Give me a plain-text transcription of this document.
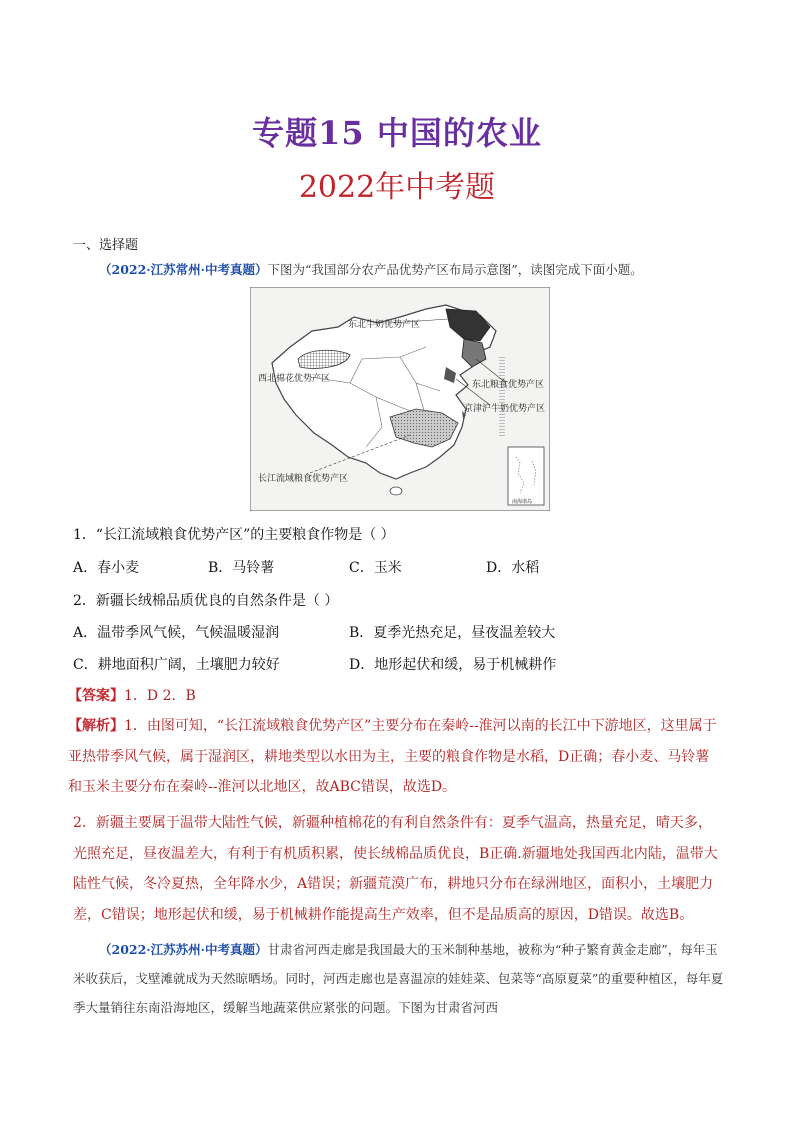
专题15 中国的农业
2022年中考题
一、选择题
（2022·江苏常州·中考真题）下图为“我国部分农产品优势产区布局示意图”，读图完成下面小题。
东北牛奶优势产区
西北棉花优势产区
东北粮食优势产区
京津沪牛奶优势产区
长江流域粮食优势产区
南海诸岛
1．“长江流域粮食优势产区”的主要粮食作物是（ ）
A．春小麦	B．马铃薯	C．玉米	D．水稻
2．新疆长绒棉品质优良的自然条件是（ ）
A．温带季风气候，气候温暖湿润	B．夏季光热充足，昼夜温差较大
C．耕地面积广阔，土壤肥力较好	D．地形起伏和缓，易于机械耕作
【答案】1．D 2．B
【解析】1．由图可知，“长江流域粮食优势产区”主要分布在秦岭--淮河以南的长江中下游地区，这里属于亚热带季风气候，属于湿润区，耕地类型以水田为主，主要的粮食作物是水稻，D正确；春小麦、马铃薯和玉米主要分布在秦岭--淮河以北地区，故ABC错误，故选D。
2．新疆主要属于温带大陆性气候，新疆种植棉花的有利自然条件有：夏季气温高，热量充足，晴天多，光照充足，昼夜温差大，有利于有机质积累，使长绒棉品质优良，B正确.新疆地处我国西北内陆，温带大陆性气候，冬冷夏热，全年降水少，A错误；新疆荒漠广布，耕地只分布在绿洲地区，面积小，土壤肥力差，C错误；地形起伏和缓，易于机械耕作能提高生产效率，但不是品质高的原因，D错误。故选B。
（2022·江苏苏州·中考真题）甘肃省河西走廊是我国最大的玉米制种基地，被称为“种子繁育黄金走廊”，每年玉米收获后，戈壁滩就成为天然晾晒场。同时，河西走廊也是喜温凉的娃娃菜、包菜等“高原夏菜”的重要种植区，每年夏季大量销往东南沿海地区，缓解当地蔬菜供应紧张的问题。下图为甘肃省河西
